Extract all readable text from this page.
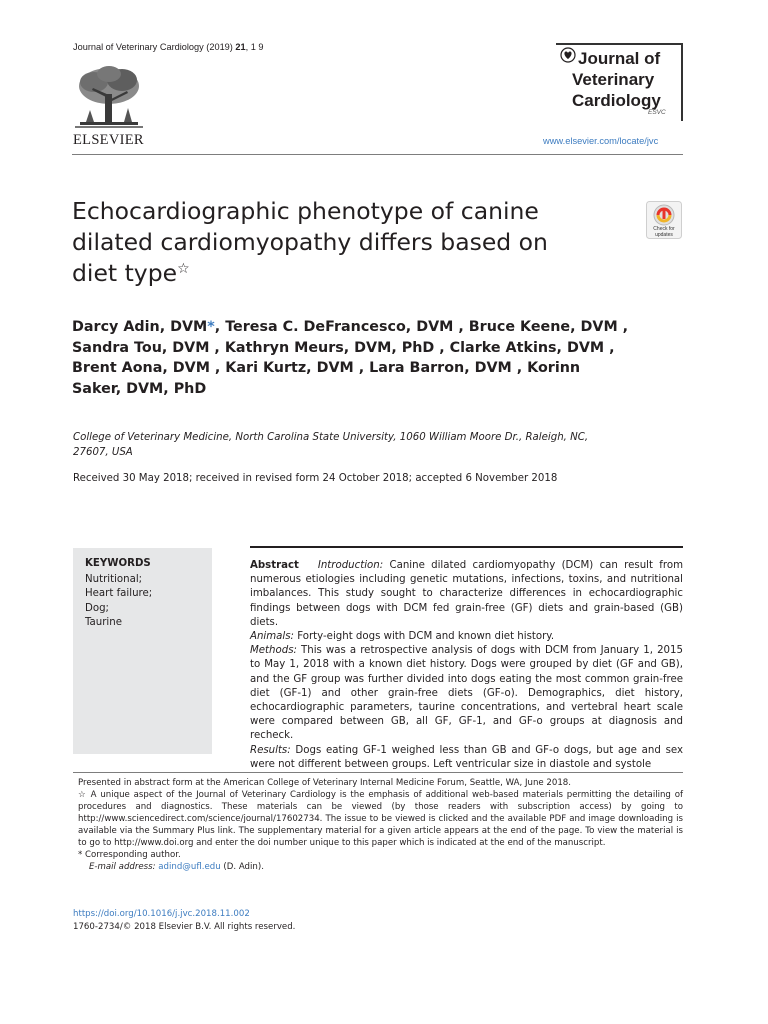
Journal of Veterinary Cardiology (2019) 21, 1 9
ELSEVIER
Journal of
Veterinary
Cardiology
ESVC
www.elsevier.com/locate/jvc
Echocardiographic phenotype of canine dilated cardiomyopathy differs based on diet type☆
Check for updates
Darcy Adin, DVM*, Teresa C. DeFrancesco, DVM , Bruce Keene, DVM , Sandra Tou, DVM , Kathryn Meurs, DVM, PhD , Clarke Atkins, DVM , Brent Aona, DVM , Kari Kurtz, DVM , Lara Barron, DVM , Korinn Saker, DVM, PhD
College of Veterinary Medicine, North Carolina State University, 1060 William Moore Dr., Raleigh, NC, 27607, USA
Received 30 May 2018; received in revised form 24 October 2018; accepted 6 November 2018
KEYWORDS
Nutritional;
Heart failure;
Dog;
Taurine
Abstract Introduction: Canine dilated cardiomyopathy (DCM) can result from numerous etiologies including genetic mutations, infections, toxins, and nutritional imbalances. This study sought to characterize differences in echocardiographic findings between dogs with DCM fed grain-free (GF) diets and grain-based (GB) diets.
Animals: Forty-eight dogs with DCM and known diet history.
Methods: This was a retrospective analysis of dogs with DCM from January 1, 2015 to May 1, 2018 with a known diet history. Dogs were grouped by diet (GF and GB), and the GF group was further divided into dogs eating the most common grain-free diet (GF-1) and other grain-free diets (GF-o). Demographics, diet history, echocardiographic parameters, taurine concentrations, and vertebral heart scale were compared between GB, all GF, GF-1, and GF-o groups at diagnosis and recheck.
Results: Dogs eating GF-1 weighed less than GB and GF-o dogs, but age and sex were not different between groups. Left ventricular size in diastole and systole

Presented in abstract form at the American College of Veterinary Internal Medicine Forum, Seattle, WA, June 2018.

☆ A unique aspect of the Journal of Veterinary Cardiology is the emphasis of additional web-based materials permitting the detailing of procedures and diagnostics. These materials can be viewed (by those readers with subscription access) by going to http://www.sciencedirect.com/science/journal/17602734. The issue to be viewed is clicked and the available PDF and image downloading is available via the Summary Plus link. The supplementary material for a given article appears at the end of the page. To view the material is to go to http://www.doi.org and enter the doi number unique to this paper which is indicated at the end of the manuscript.

* Corresponding author.

E-mail address: adind@ufl.edu (D. Adin).

https://doi.org/10.1016/j.jvc.2018.11.002
1760-2734/© 2018 Elsevier B.V. All rights reserved.
